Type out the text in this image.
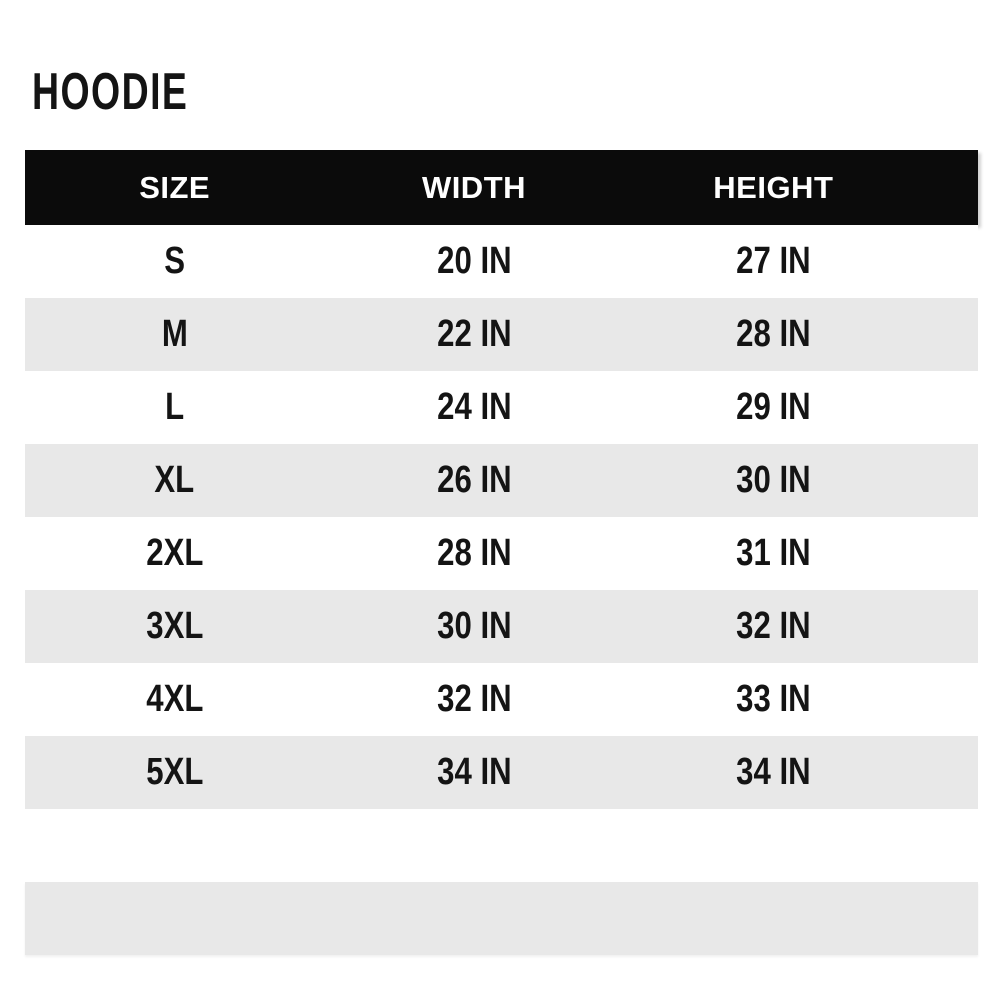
HOODIE
SIZE	WIDTH	HEIGHT
S	20 IN	27 IN
M	22 IN	28 IN
L	24 IN	29 IN
XL	26 IN	30 IN
2XL	28 IN	31 IN
3XL	30 IN	32 IN
4XL	32 IN	33 IN
5XL	34 IN	34 IN
